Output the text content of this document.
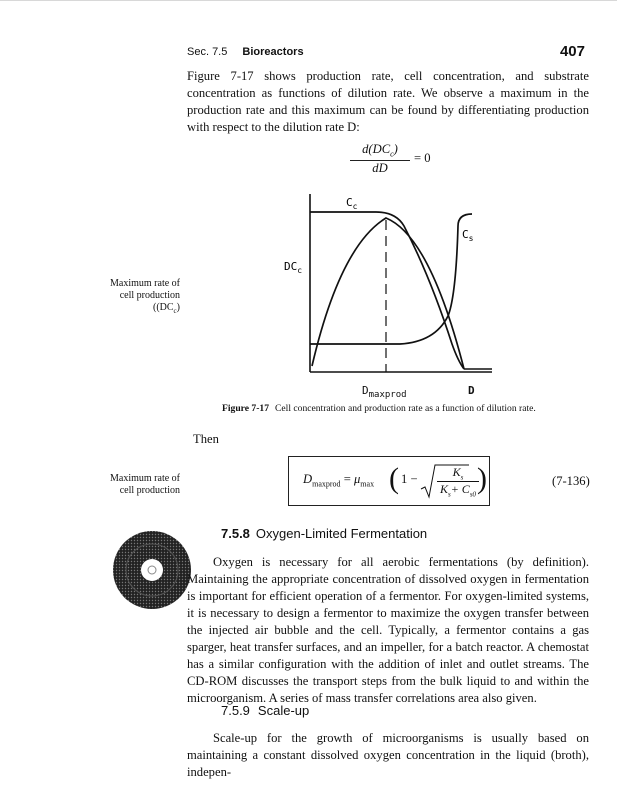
Sec. 7.5 Bioreactors	407

Figure 7-17 shows production rate, cell concentration, and substrate concentration as functions of dilution rate. We observe a maximum in the production rate and this maximum can be found by differentiating production with respect to the dilution rate D:

$d(DC_c)$
dD
= 0
Maximum rate of
cell production
($(DC_c)$
$C_c$
$C_s$
$DC_c$
$D_{maxprod}$	D
Figure 7-17 Cell concentration and production rate as a function of dilution rate.
Then
Maximum rate of
cell production
$D_{maxprod} = \mu_{max}$ ( 1 −	$K_s$
$K_s+ C_{s0}$ )	(7-136)
7.5.8 Oxygen-Limited Fermentation

Oxygen is necessary for all aerobic fermentations (by definition). Maintaining the appropriate concentration of dissolved oxygen in fermentation is important for efficient operation of a fermentor. For oxygen-limited systems, it is necessary to design a fermentor to maximize the oxygen transfer between the injected air bubble and the cell. Typically, a fermentor contains a gas sparger, heat transfer surfaces, and an impeller, for a batch reactor. A chemostat has a similar configuration with the addition of inlet and outlet streams. The CD-ROM discusses the transport steps from the bulk liquid to and within the microorganism. A series of mass transfer correlations area also given.

7.5.9 Scale-up

Scale-up for the growth of microorganisms is usually based on maintaining a constant dissolved oxygen concentration in the liquid (broth), indepen-
